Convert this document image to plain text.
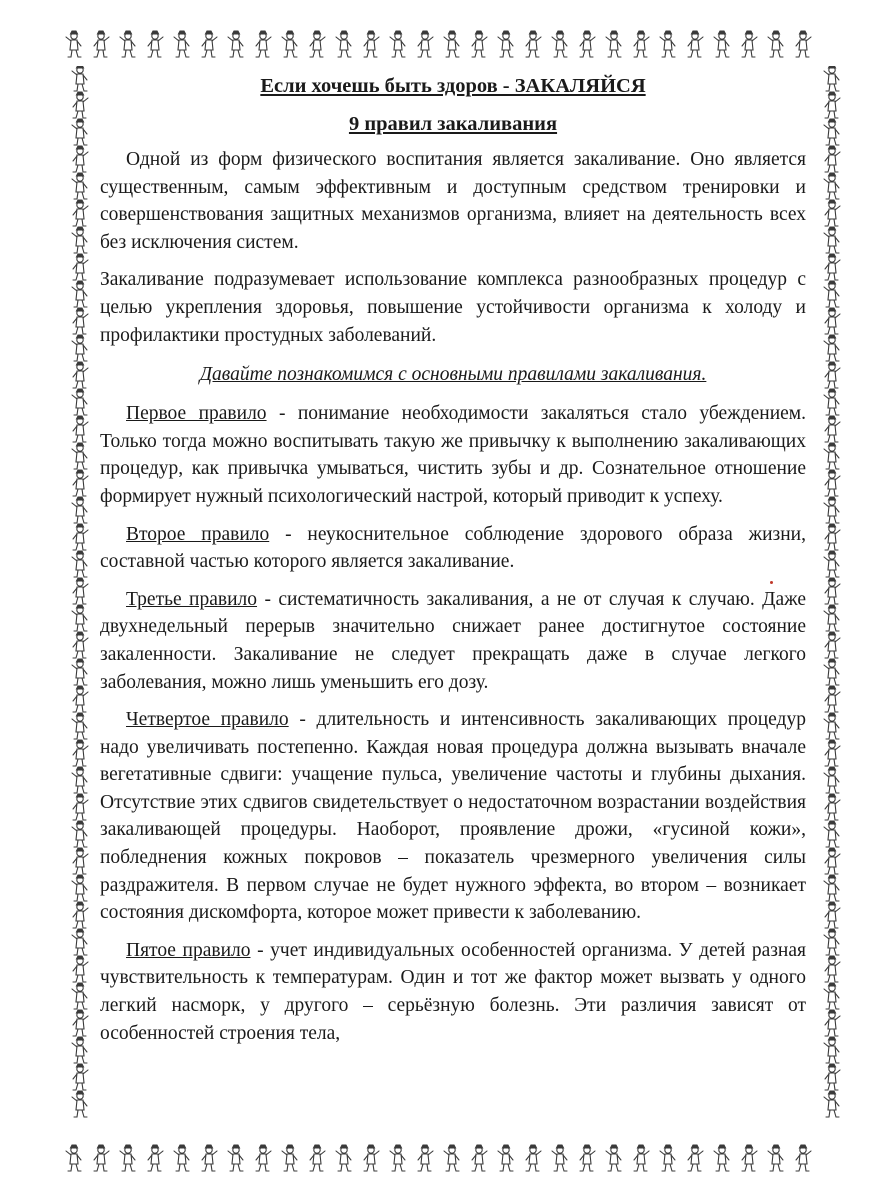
Если хочешь быть здоров - ЗАКАЛЯЙСЯ
9 правил закаливания

Одной из форм физического воспитания является закаливание. Оно является существенным, самым эффективным и доступным средством тренировки и совершенствования защитных механизмов организма, влияет на деятельность всех без исключения систем.

Закаливание подразумевает использование комплекса разнообразных процедур с целью укрепления здоровья, повышение устойчивости организма к холоду и профилактики простудных заболеваний.

Давайте познакомимся с основными правилами закаливания.

Первое правило - понимание необходимости закаляться стало убеждением. Только тогда можно воспитывать такую же привычку к выполнению закаливающих процедур, как привычка умываться, чистить зубы и др. Сознательное отношение формирует нужный психологический настрой, который приводит к успеху.

Второе правило - неукоснительное соблюдение здорового образа жизни, составной частью которого является закаливание.

Третье правило - систематичность закаливания, а не от случая к случаю. Даже двухнедельный перерыв значительно снижает ранее достигнутое состояние закаленности. Закаливание не следует прекращать даже в случае легкого заболевания, можно лишь уменьшить его дозу.

Четвертое правило - длительность и интенсивность закаливающих процедур надо увеличивать постепенно. Каждая новая процедура должна вызывать вначале вегетативные сдвиги: учащение пульса, увеличение частоты и глубины дыхания. Отсутствие этих сдвигов свидетельствует о недостаточном возрастании воздействия закаливающей процедуры. Наоборот, проявление дрожи, «гусиной кожи», побледнения кожных покровов – показатель чрезмерного увеличения силы раздражителя. В первом случае не будет нужного эффекта, во втором – возникает состояния дискомфорта, которое может привести к заболеванию.

Пятое правило - учет индивидуальных особенностей организма. У детей разная чувствительность к температурам. Один и тот же фактор может вызвать у одного легкий насморк, у другого – серьёзную болезнь. Эти различия зависят от особенностей строения тела,
